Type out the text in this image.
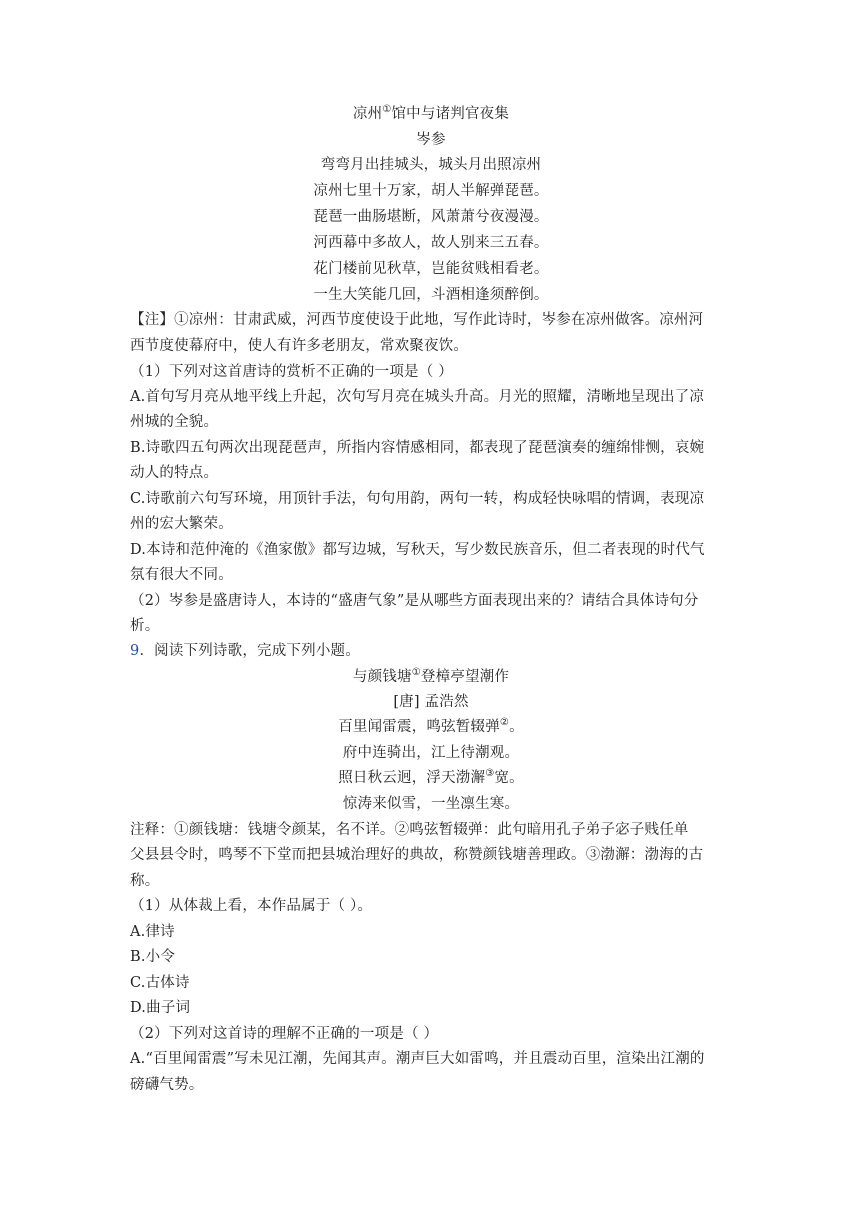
凉州①馆中与诸判官夜集
岑参
弯弯月出挂城头，城头月出照凉州
凉州七里十万家，胡人半解弹琵琶。
琵琶一曲肠堪断，风萧萧兮夜漫漫。
河西幕中多故人，故人别来三五春。
花门楼前见秋草，岂能贫贱相看老。
一生大笑能几回，斗酒相逢须醉倒。
【注】①凉州：甘肃武威，河西节度使设于此地，写作此诗时，岑参在凉州做客。凉州河
西节度使幕府中，使人有许多老朋友，常欢聚夜饮。
（1）下列对这首唐诗的赏析不正确的一项是（ ）
A.首句写月亮从地平线上升起，次句写月亮在城头升高。月光的照耀，清晰地呈现出了凉
州城的全貌。
B.诗歌四五句两次出现琵琶声，所指内容情感相同，都表现了琵琶演奏的缠绵悱恻，哀婉
动人的特点。
C.诗歌前六句写环境，用顶针手法，句句用韵，两句一转，构成轻快咏唱的情调，表现凉
州的宏大繁荣。
D.本诗和范仲淹的《渔家傲》都写边城，写秋天，写少数民族音乐，但二者表现的时代气
氛有很大不同。
（2）岑参是盛唐诗人，本诗的“盛唐气象”是从哪些方面表现出来的？请结合具体诗句分
析。
9．阅读下列诗歌，完成下列小题。
与颜钱塘①登樟亭望潮作
[唐] 孟浩然
百里闻雷震，鸣弦暂辍弹②。
府中连骑出，江上待潮观。
照日秋云迥，浮天渤澥③宽。
惊涛来似雪，一坐凛生寒。
注释：①颜钱塘：钱塘令颜某，名不详。②鸣弦暂辍弹：此句暗用孔子弟子宓子贱任单
父县县令时，鸣琴不下堂而把县城治理好的典故，称赞颜钱塘善理政。③渤澥：渤海的古
称。
（1）从体裁上看，本作品属于（ ）。
A.律诗
B.小令
C.古体诗
D.曲子词
（2）下列对这首诗的理解不正确的一项是（ ）
A.“百里闻雷震”写未见江潮，先闻其声。潮声巨大如雷鸣，并且震动百里，渲染出江潮的
磅礴气势。
